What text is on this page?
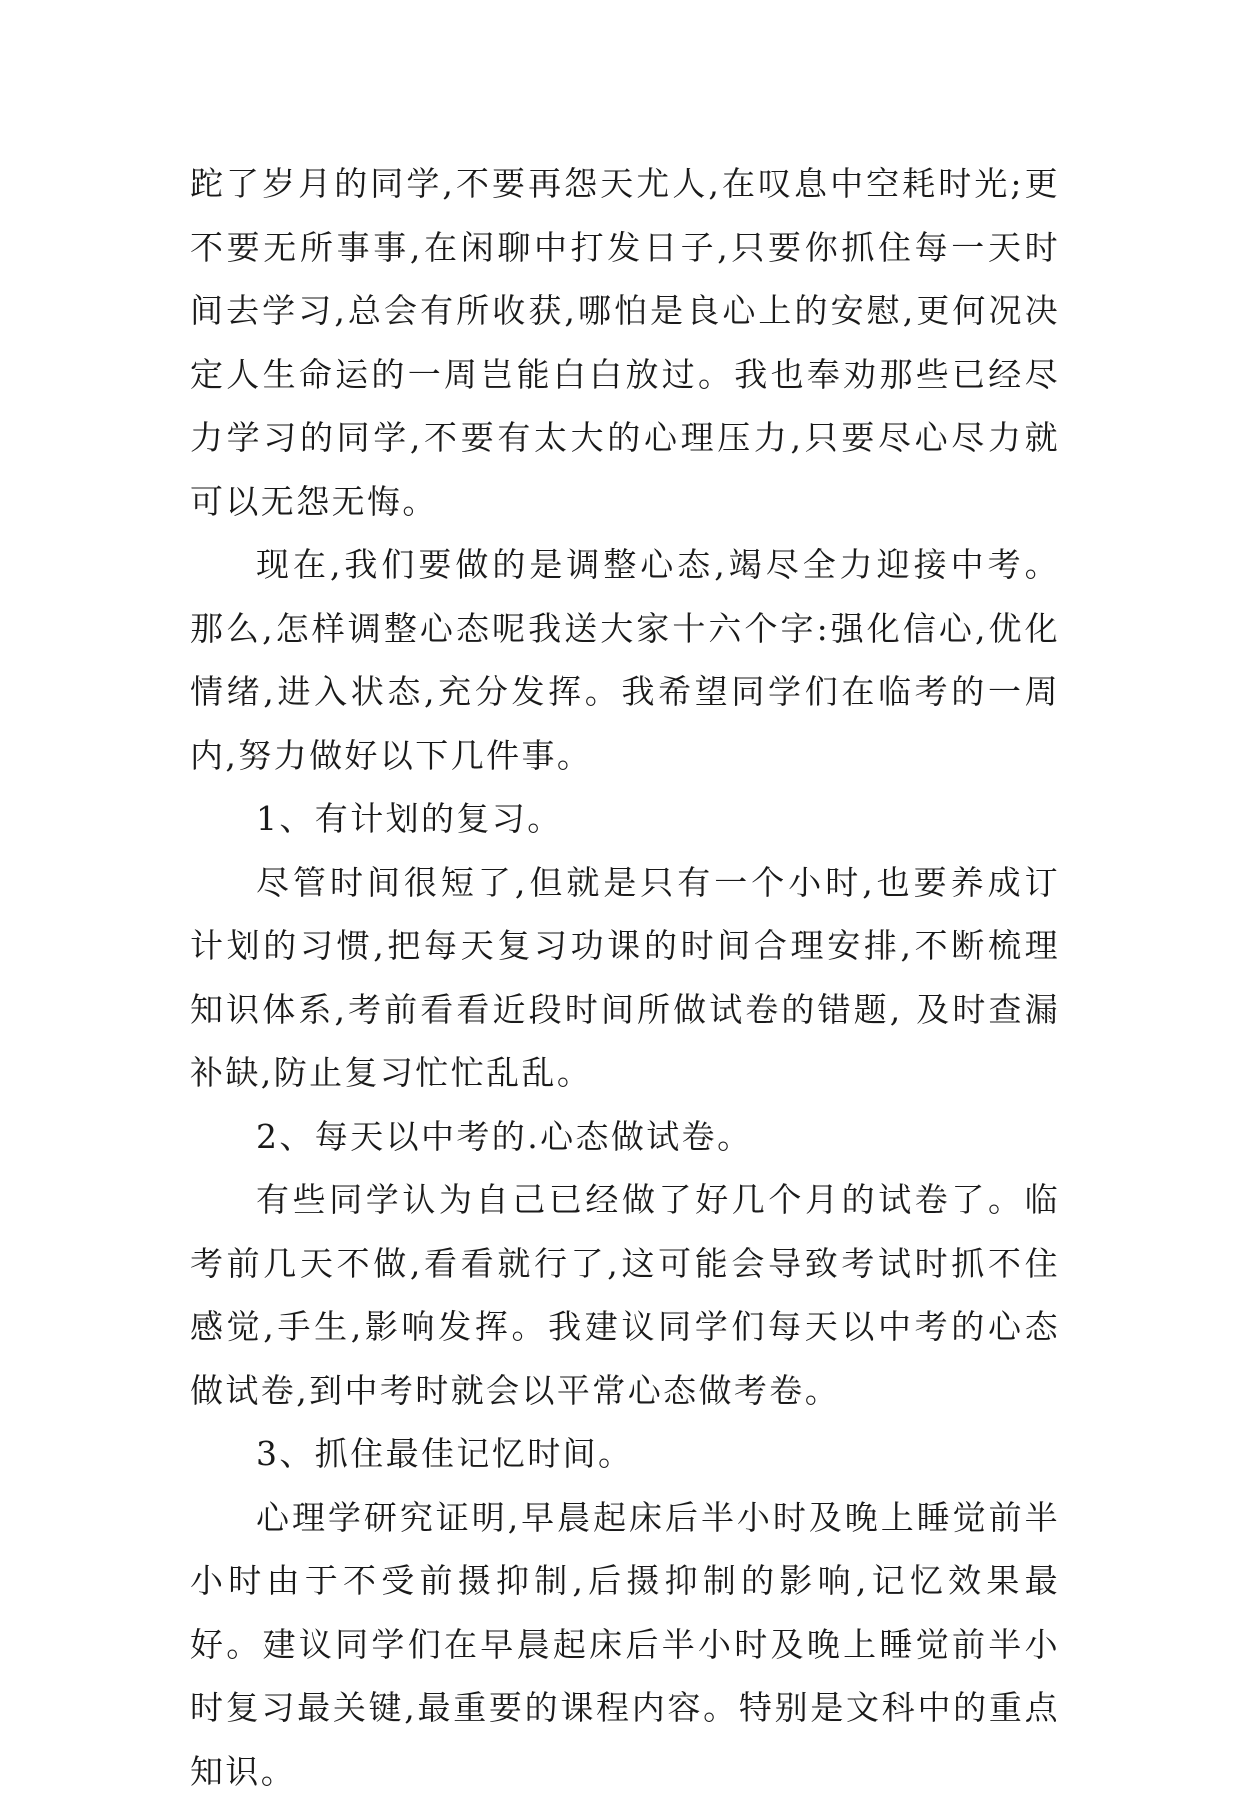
跎了岁月的同学,不要再怨天尤人,在叹息中空耗时光;更不要无所事事,在闲聊中打发日子,只要你抓住每一天时间去学习,总会有所收获,哪怕是良心上的安慰,更何况决定人生命运的一周岂能白白放过。我也奉劝那些已经尽力学习的同学,不要有太大的心理压力,只要尽心尽力就可以无怨无悔。

现在,我们要做的是调整心态,竭尽全力迎接中考。那么,怎样调整心态呢我送大家十六个字:强化信心,优化情绪,进入状态,充分发挥。我希望同学们在临考的一周内,努力做好以下几件事。

1、有计划的复习。

尽管时间很短了,但就是只有一个小时,也要养成订计划的习惯,把每天复习功课的时间合理安排,不断梳理知识体系,考前看看近段时间所做试卷的错题, 及时查漏补缺,防止复习忙忙乱乱。

2、每天以中考的.心态做试卷。

有些同学认为自己已经做了好几个月的试卷了。临考前几天不做,看看就行了,这可能会导致考试时抓不住感觉,手生,影响发挥。我建议同学们每天以中考的心态做试卷,到中考时就会以平常心态做考卷。

3、抓住最佳记忆时间。

心理学研究证明,早晨起床后半小时及晚上睡觉前半小时由于不受前摄抑制,后摄抑制的影响,记忆效果最好。建议同学们在早晨起床后半小时及晚上睡觉前半小时复习最关键,最重要的课程内容。特别是文科中的重点知识。
